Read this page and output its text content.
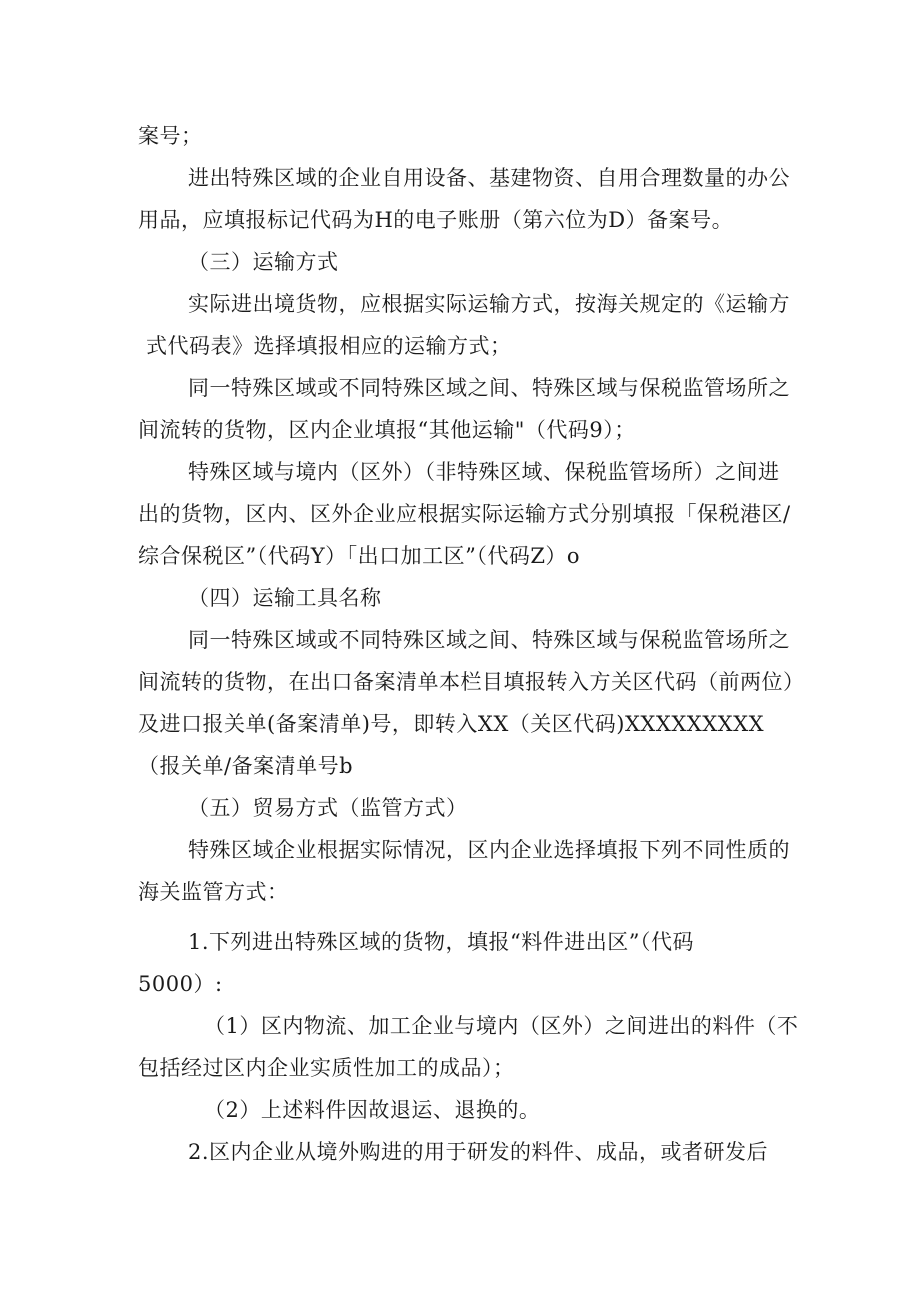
案号；
进出特殊区域的企业自用设备、基建物资、自用合理数量的办公
用品，应填报标记代码为H的电子账册（第六位为D）备案号。
（三）运输方式
实际进出境货物，应根据实际运输方式，按海关规定的《运输方
式代码表》选择填报相应的运输方式；
同一特殊区域或不同特殊区域之间、特殊区域与保税监管场所之
间流转的货物，区内企业填报“其他运输"（代码9）；
特殊区域与境内（区外）（非特殊区域、保税监管场所）之间进
出的货物，区内、区外企业应根据实际运输方式分别填报「保税港区/
综合保税区”（代码Y）「出口加工区”（代码Z）o
（四）运输工具名称
同一特殊区域或不同特殊区域之间、特殊区域与保税监管场所之
间流转的货物，在出口备案清单本栏目填报转入方关区代码（前两位）
及进口报关单(备案清单)号，即转入XX（关区代码)XXXXXXXXX
（报关单/备案清单号b
（五）贸易方式（监管方式）
特殊区域企业根据实际情况，区内企业选择填报下列不同性质的
海关监管方式：
1.下列进出特殊区域的货物，填报“料件进出区”（代码
5000）:
（1）区内物流、加工企业与境内（区外）之间进出的料件（不
包括经过区内企业实质性加工的成品）；
（2）上述料件因故退运、退换的。
2.区内企业从境外购进的用于研发的料件、成品，或者研发后
